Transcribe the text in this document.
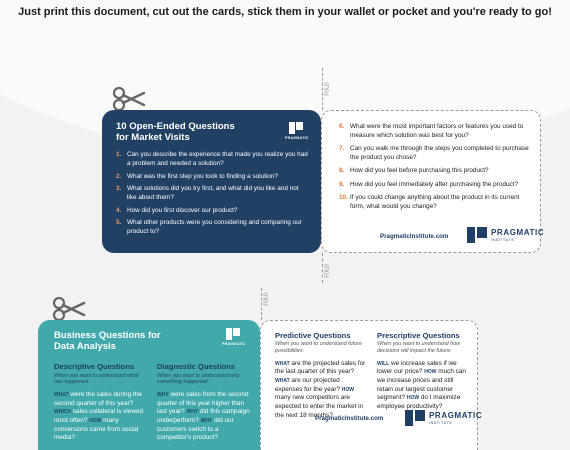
Just print this document, cut out the cards, stick them in your wallet or pocket and you're ready to go!
FOLD
FOLD
FOLD
10 Open-Ended Questions
for Market Visits	PRAGMATIC
1. Can you describe the experience that made you realize you had a problem and needed a solution?
2. What was the first step you took to finding a solution?
3. What solutions did you try first, and what did you like and not like about them?
4. How did you first discover our product?
5. What other products were you considering and comparing our product to?
6. What were the most important factors or features you used to measure which solution was best for you?
7. Can you walk me through the steps you completed to purchase the product you chose?
8. How did you feel before purchasing this product?
9. How did you feel immediately after purchasing the product?
10. If you could change anything about the product in its current form, what would you change?
PragmaticInstitute.com	PRAGMATIC
INSTITUTE
Business Questions for
Data Analysis	PRAGMATIC
Descriptive Questions
When you want to understand what has happened:
WHAT were the sales during the second quarter of this year? WHICH sales collateral is viewed most often? HOW many conversions came from social media?
Diagnostic Questions
When you want to understand why something happened:
WHY were sales from the second quarter of this year higher than last year? WHY did this campaign underperform? WHY did our customers switch to a competitor's product?
Predictive Questions
When you want to understand future possibilities:
WHAT are the projected sales for the last quarter of this year? WHAT are our projected expenses for the year? HOW many new competitors are expected to enter the market in the next 18 months?
Prescriptive Questions
When you want to understand how decisions will impact the future:
WILL we increase sales if we lower our price? HOW much can we increase prices and still retain our largest customer segment? HOW do I maximize employee productivity?
PragmaticInstitute.com	PRAGMATIC
INSTITUTE
